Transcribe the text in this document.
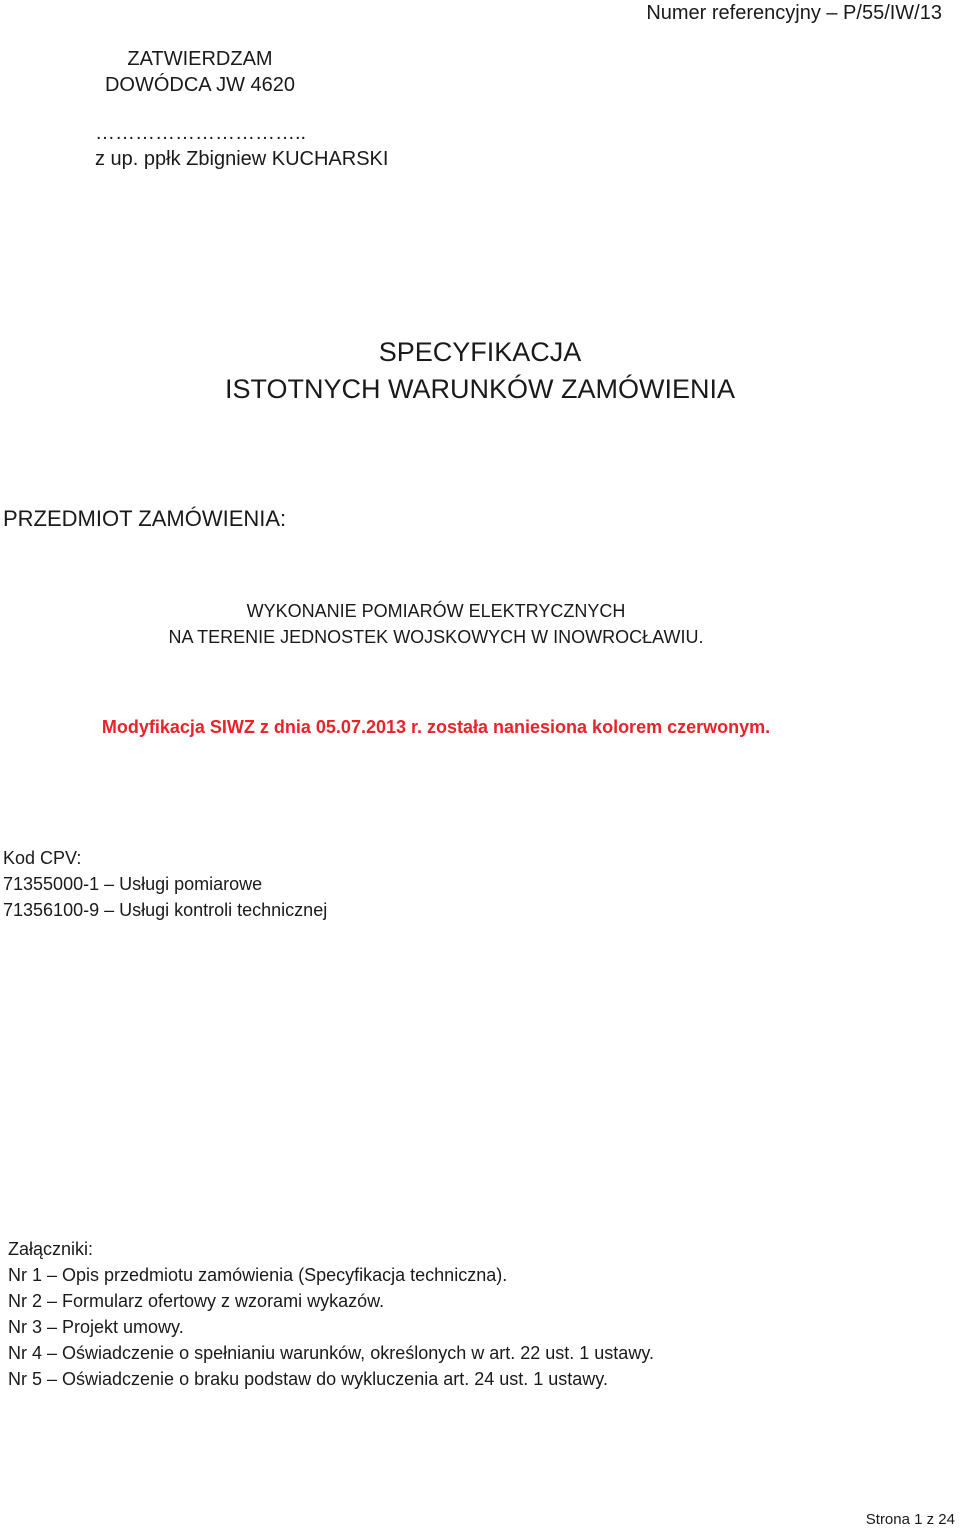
Numer referencyjny – P/55/IW/13
ZATWIERDZAM
DOWÓDCA JW 4620
…………………………..
z up. ppłk Zbigniew KUCHARSKI
SPECYFIKACJA
ISTOTNYCH WARUNKÓW ZAMÓWIENIA
PRZEDMIOT ZAMÓWIENIA:
WYKONANIE POMIARÓW ELEKTRYCZNYCH
NA TERENIE JEDNOSTEK WOJSKOWYCH W INOWROCŁAWIU.
Modyfikacja SIWZ z dnia 05.07.2013 r. została naniesiona kolorem czerwonym.
Kod CPV:
71355000-1 – Usługi pomiarowe
71356100-9 – Usługi kontroli technicznej
Załączniki:
Nr 1 – Opis przedmiotu zamówienia (Specyfikacja techniczna).
Nr 2 – Formularz ofertowy z wzorami wykazów.
Nr 3 – Projekt umowy.
Nr 4 – Oświadczenie o spełnianiu warunków, określonych w art. 22 ust. 1 ustawy.
Nr 5 – Oświadczenie o braku podstaw do wykluczenia art. 24 ust. 1 ustawy.
Strona 1 z 24
